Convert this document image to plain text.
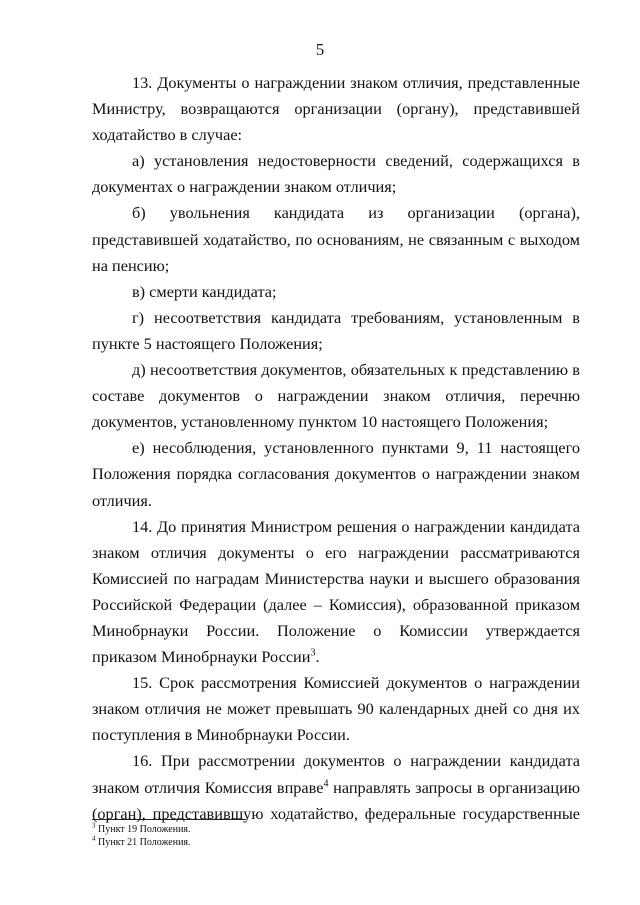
5

13. Документы о награждении знаком отличия, представленные Министру, возвращаются организации (органу), представившей ходатайство в случае:

а) установления недостоверности сведений, содержащихся в документах о награждении знаком отличия;

б) увольнения кандидата из организации (органа), представившей ходатайство, по основаниям, не связанным с выходом на пенсию;

в) смерти кандидата;

г) несоответствия кандидата требованиям, установленным в пункте 5 настоящего Положения;

д) несоответствия документов, обязательных к представлению в составе документов о награждении знаком отличия, перечню документов, установленному пунктом 10 настоящего Положения;

е) несоблюдения, установленного пунктами 9, 11 настоящего Положения порядка согласования документов о награждении знаком отличия.

14. До принятия Министром решения о награждении кандидата знаком отличия документы о его награждении рассматриваются Комиссией по наградам Министерства науки и высшего образования Российской Федерации (далее – Комиссия), образованной приказом Минобрнауки России. Положение о Комиссии утверждается приказом Минобрнауки России$^3$.

15. Срок рассмотрения Комиссией документов о награждении знаком отличия не может превышать 90 календарных дней со дня их поступления в Минобрнауки России.

16. При рассмотрении документов о награждении кандидата знаком отличия Комиссия вправе$^4$ направлять запросы в организацию (орган), представившую ходатайство, федеральные государственные

$^3$ Пункт 19 Положения.
$^4$ Пункт 21 Положения.
